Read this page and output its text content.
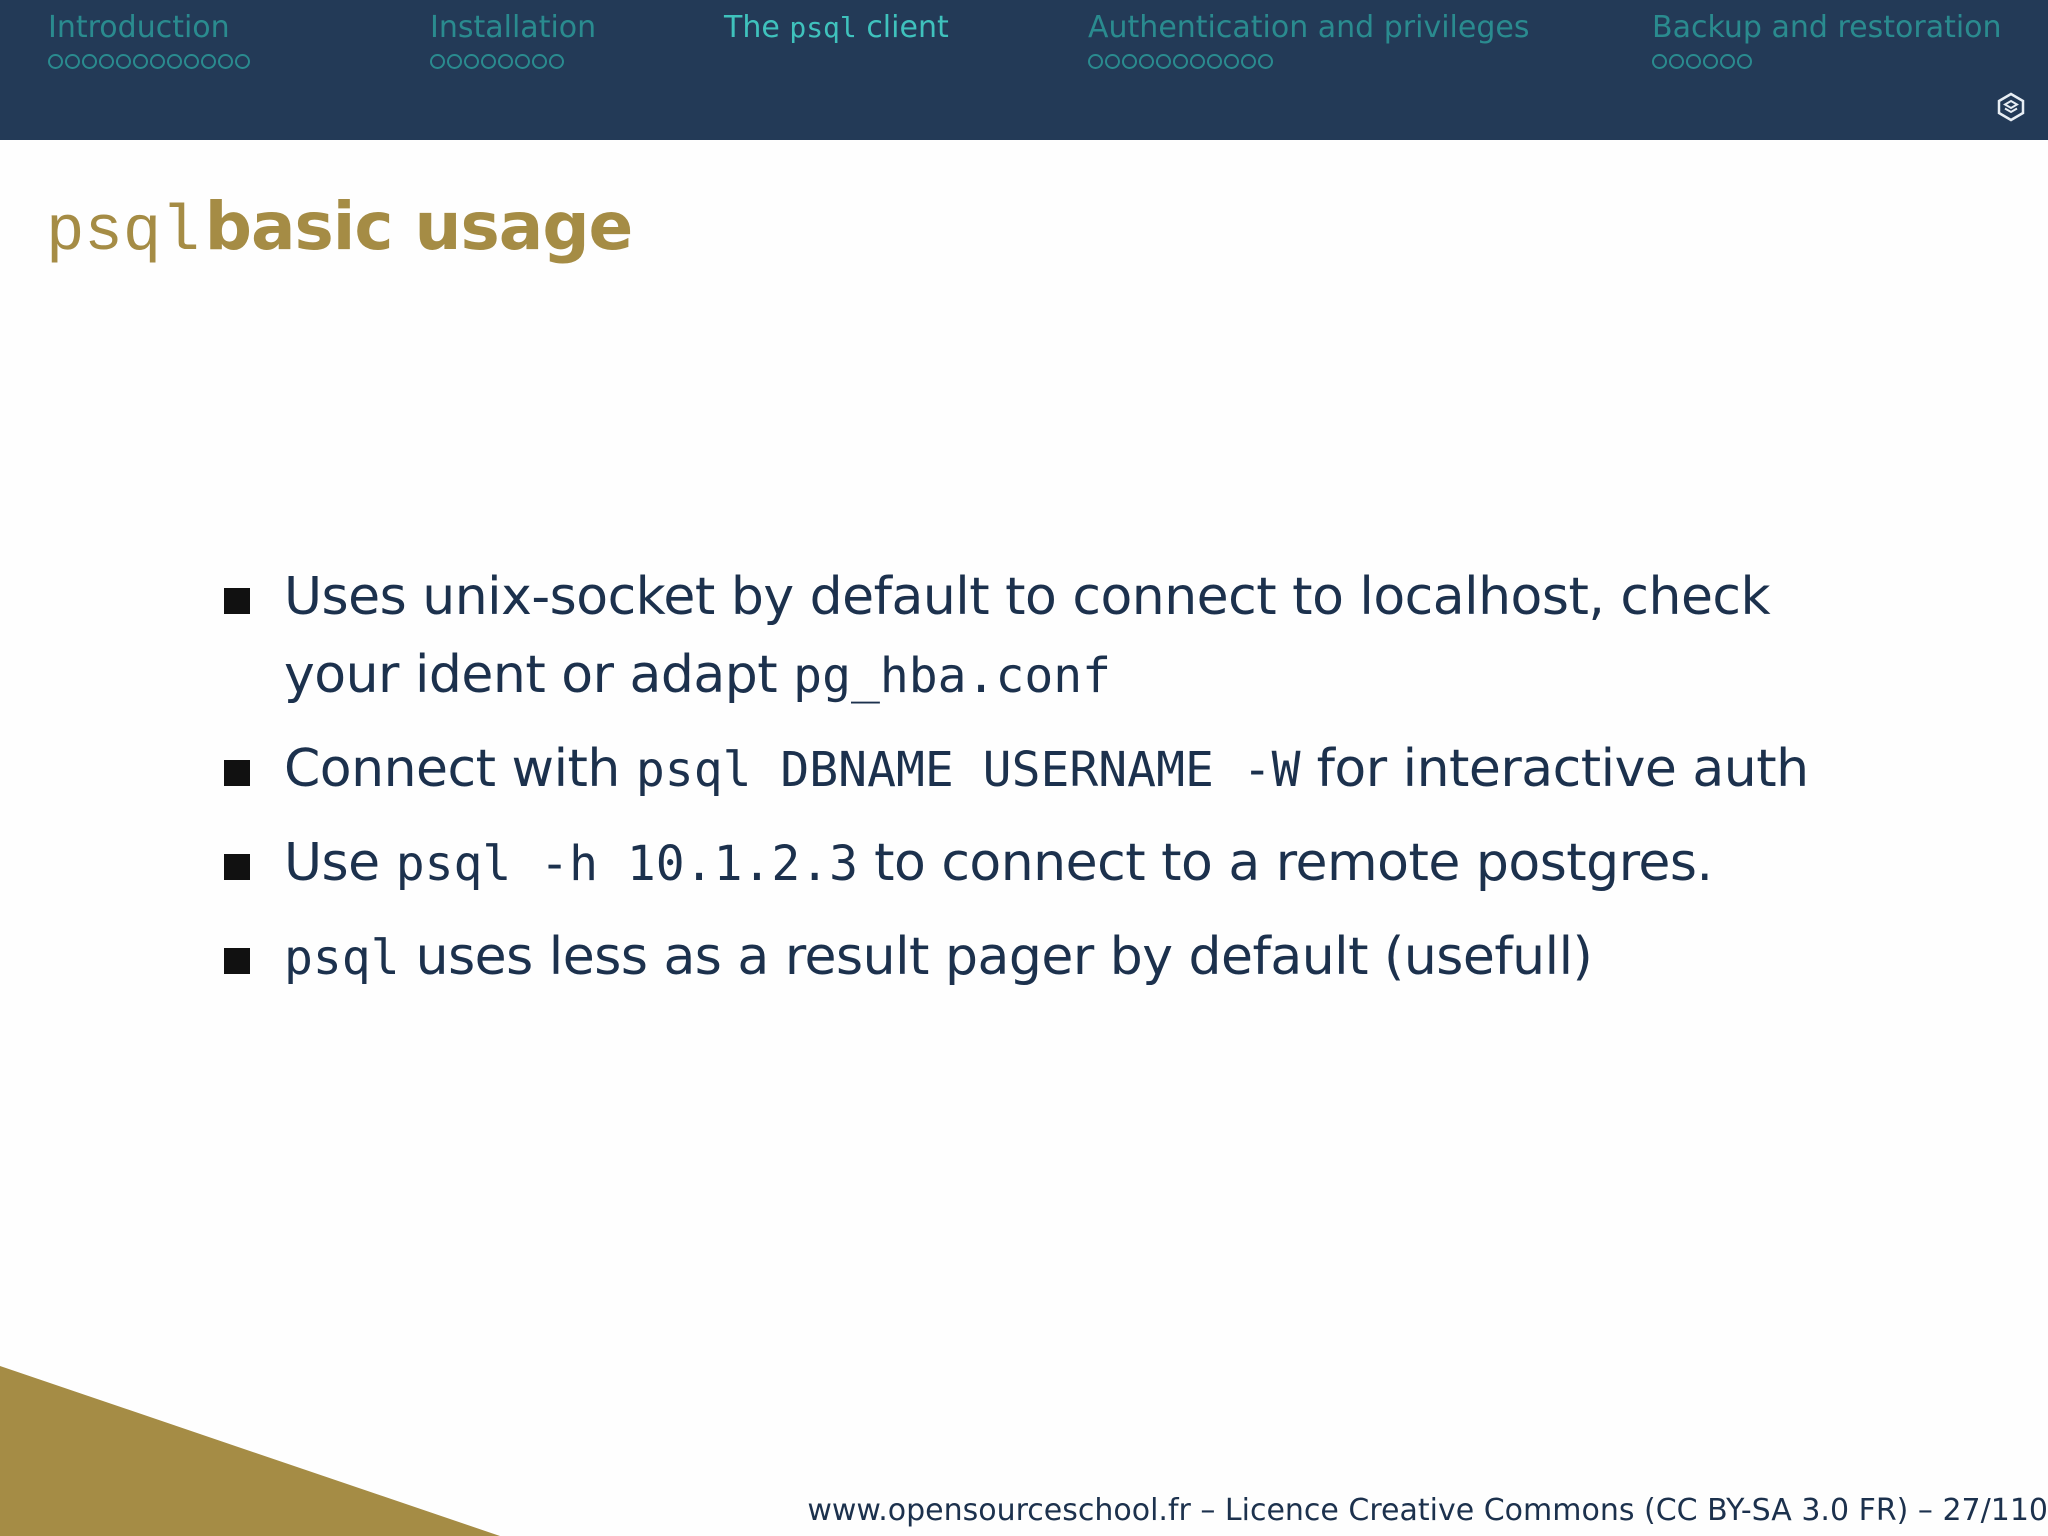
Introduction	Installation	The psql client	Authentication and privileges	Backup and restoration
psql basic usage
Uses unix-socket by default to connect to localhost, check your ident or adapt pg_hba.conf
Connect with psql DBNAME USERNAME -W for interactive auth
Use psql -h 10.1.2.3 to connect to a remote postgres.
psql uses less as a result pager by default (usefull)
www.opensourceschool.fr – Licence Creative Commons (CC BY-SA 3.0 FR) – 27/110
